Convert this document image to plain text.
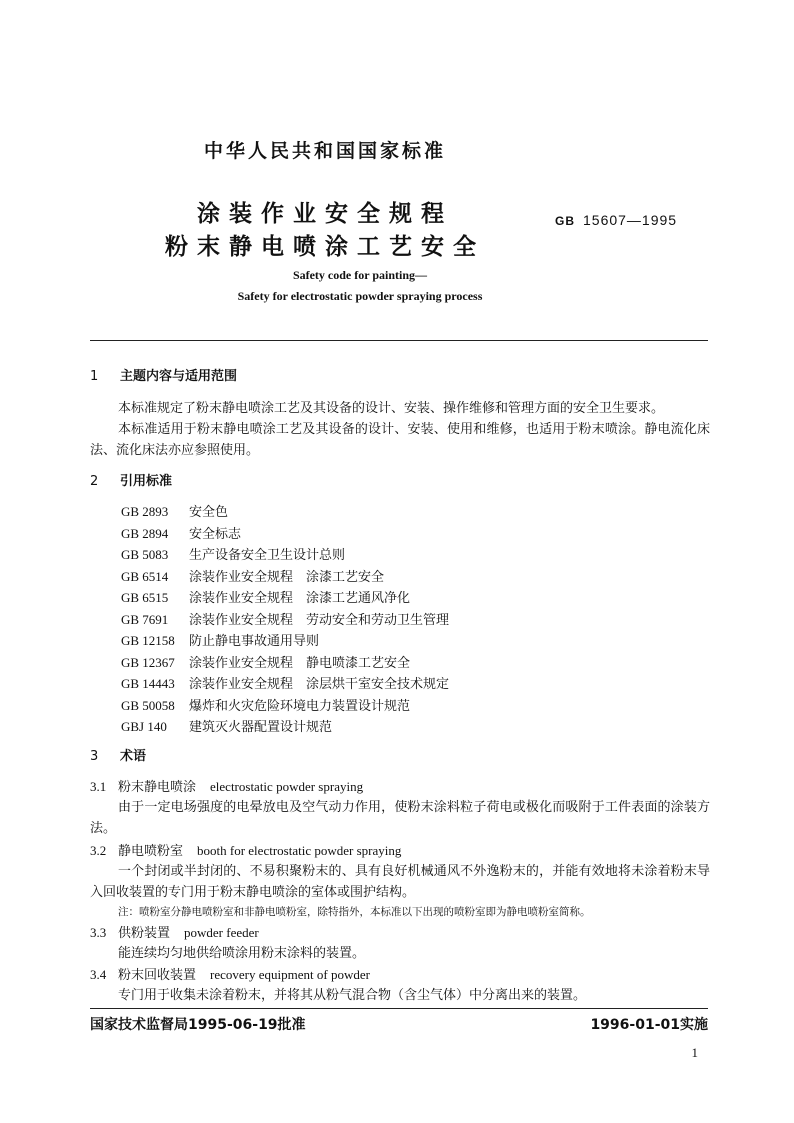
中华人民共和国国家标准
涂装作业安全规程
粉末静电喷涂工艺安全
GB 15607—1995
Safety code for painting—
Safety for electrostatic powder spraying process
1 主题内容与适用范围
本标准规定了粉末静电喷涂工艺及其设备的设计、安装、操作维修和管理方面的安全卫生要求。
本标准适用于粉末静电喷涂工艺及其设备的设计、安装、使用和维修，也适用于粉末喷涂。静电流化床法、流化床法亦应参照使用。
2 引用标准
GB 2893 安全色
GB 2894 安全标志
GB 5083 生产设备安全卫生设计总则
GB 6514 涂装作业安全规程　涂漆工艺安全
GB 6515 涂装作业安全规程　涂漆工艺通风净化
GB 7691 涂装作业安全规程　劳动安全和劳动卫生管理
GB 12158 防止静电事故通用导则
GB 12367 涂装作业安全规程　静电喷漆工艺安全
GB 14443 涂装作业安全规程　涂层烘干室安全技术规定
GB 50058 爆炸和火灾危险环境电力装置设计规范
GBJ 140 建筑灭火器配置设计规范
3 术语
3.1 粉末静电喷涂 electrostatic powder spraying
由于一定电场强度的电晕放电及空气动力作用，使粉末涂料粒子荷电或极化而吸附于工件表面的涂装方法。
3.2 静电喷粉室 booth for electrostatic powder spraying
一个封闭或半封闭的、不易积聚粉末的、具有良好机械通风不外逸粉末的，并能有效地将未涂着粉末导入回收装置的专门用于粉末静电喷涂的室体或围护结构。
注：喷粉室分静电喷粉室和非静电喷粉室，除特指外，本标准以下出现的喷粉室即为静电喷粉室简称。
3.3 供粉装置 powder feeder
能连续均匀地供给喷涂用粉末涂料的装置。
3.4 粉末回收装置 recovery equipment of powder
专门用于收集未涂着粉末，并将其从粉气混合物（含尘气体）中分离出来的装置。
国家技术监督局1995-06-19批准	1996-01-01实施
1
